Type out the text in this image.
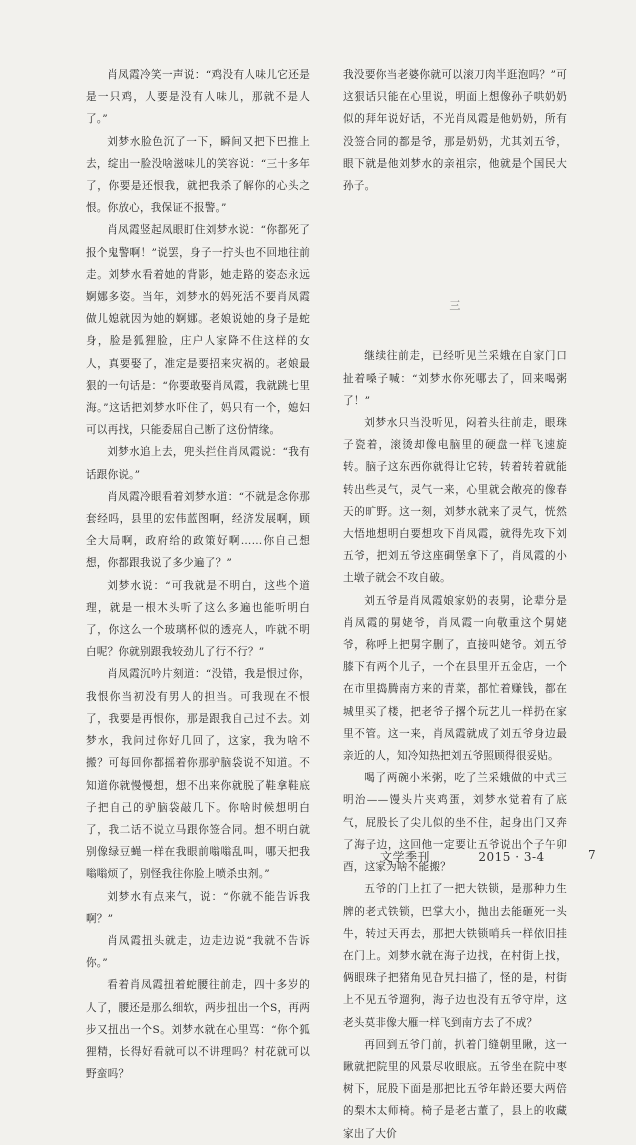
肖凤霞冷笑一声说：“鸡没有人味儿它还是是一只鸡，人要是没有人味儿，那就不是人了。”

刘梦水脸色沉了一下，瞬间又把下巴推上去，绽出一脸没啥滋味儿的笑容说：“三十多年了，你要是还恨我，就把我杀了解你的心头之恨。你放心，我保证不报警。”

肖凤霞竖起凤眼盯住刘梦水说：“你都死了报个鬼警啊！”说罢，身子一拧头也不回地往前走。刘梦水看着她的背影，她走路的姿态永远婀娜多姿。当年，刘梦水的妈死活不要肖凤霞做儿媳就因为她的婀娜。老娘说她的身子是蛇身，脸是狐狸脸，庄户人家降不住这样的女人，真要娶了，准定是要招来灾祸的。老娘最狠的一句话是：“你要敢娶肖凤霞，我就跳七里海。”这话把刘梦水吓住了，妈只有一个，媳妇可以再找，只能委屈自己断了这份情缘。

刘梦水追上去，兜头拦住肖凤霞说：“我有话跟你说。”

肖凤霞冷眼看着刘梦水道：“不就是念你那套经吗，县里的宏伟蓝图啊，经济发展啊，顾全大局啊，政府给的政策好啊……你自己想想，你都跟我说了多少遍了？”

刘梦水说：“可我就是不明白，这些个道理，就是一根木头听了这么多遍也能听明白了，你这么一个玻璃杯似的透亮人，咋就不明白呢？你就别跟我较劲儿了行不行？”

肖凤霞沉吟片刻道：“没错，我是恨过你，我恨你当初没有男人的担当。可我现在不恨了，我要是再恨你，那是跟我自己过不去。刘梦水，我问过你好几回了，这家，我为啥不搬？可每回你都摇着你那驴脑袋说不知道。不知道你就慢慢想，想不出来你就脱了鞋拿鞋底子把自己的驴脑袋敲几下。你啥时候想明白了，我二话不说立马跟你签合同。想不明白就别像绿豆蝇一样在我眼前嗡嗡乱叫，哪天把我嗡嗡烦了，别怪我往你脸上喷杀虫剂。”

刘梦水有点来气，说：“你就不能告诉我啊？”

肖凤霞扭头就走，边走边说“我就不告诉你。”

看着肖凤霞扭着蛇腰往前走，四十多岁的人了，腰还是那么细软，两步扭出一个S，再两步又扭出一个S。刘梦水就在心里骂：“你个狐狸精，长得好看就可以不讲理吗？村花就可以野蛮吗？

我没要你当老婆你就可以滚刀肉半逛泡吗？”可这狠话只能在心里说，明面上想像孙子哄奶奶似的拜年说好话，不光肖凤霞是他奶奶，所有没签合同的都是爷，那是奶奶，尤其刘五爷，眼下就是他刘梦水的亲祖宗，他就是个国民大孙子。

三

继续往前走，已经听见兰采娥在自家门口扯着嗓子喊：“刘梦水你死哪去了，回来喝粥了！”

刘梦水只当没听见，闷着头往前走，眼珠子瓷着，滚烫却像电脑里的硬盘一样飞速旋转。脑子这东西你就得让它转，转着转着就能转出些灵气，灵气一来，心里就会敞亮的像春天的旷野。这一刻，刘梦水就来了灵气，恍然大悟地想明白要想攻下肖凤霞，就得先攻下刘五爷，把刘五爷这座碉堡拿下了，肖凤霞的小土墩子就会不攻自破。

刘五爷是肖凤霞娘家奶的表舅，论辈分是肖凤霞的舅姥爷，肖凤霞一向敬重这个舅姥爷，称呼上把舅字删了，直接叫姥爷。刘五爷膝下有两个儿子，一个在县里开五金店，一个在市里捣腾南方来的青菜，都忙着赚钱，都在城里买了楼，把老爷子撂个玩艺儿一样扔在家里不管。这一来，肖凤霞就成了刘五爷身边最亲近的人，知冷知热把刘五爷照顾得很妥贴。

喝了两碗小米粥，吃了兰采娥做的中式三明治——馒头片夹鸡蛋，刘梦水觉着有了底气，屁股长了尖儿似的坐不住，起身出门又奔了海子边，这回他一定要让五爷说出个子午卯酉，这家为啥不能搬？

五爷的门上扛了一把大铁锁，是那种力生牌的老式铁锁，巴掌大小，抛出去能砸死一头牛，转过天再去，那把大铁锁哨兵一样依旧挂在门上。刘梦水就在海子边找，在村街上找，俩眼珠子把猪角见旮旯扫描了，怪的是，村街上不见五爷遛狗，海子边也没有五爷守岸，这老头莫非像大雁一样飞到南方去了不成？

再回到五爷门前，扒着门缝朝里瞅，这一瞅就把院里的风景尽收眼底。五爷坐在院中枣树下，屁股下面是那把比五爷年龄还要大两倍的梨木太师椅。椅子是老古董了，县上的收藏家出了大价

文学季刊	2015 · 3-4	7
